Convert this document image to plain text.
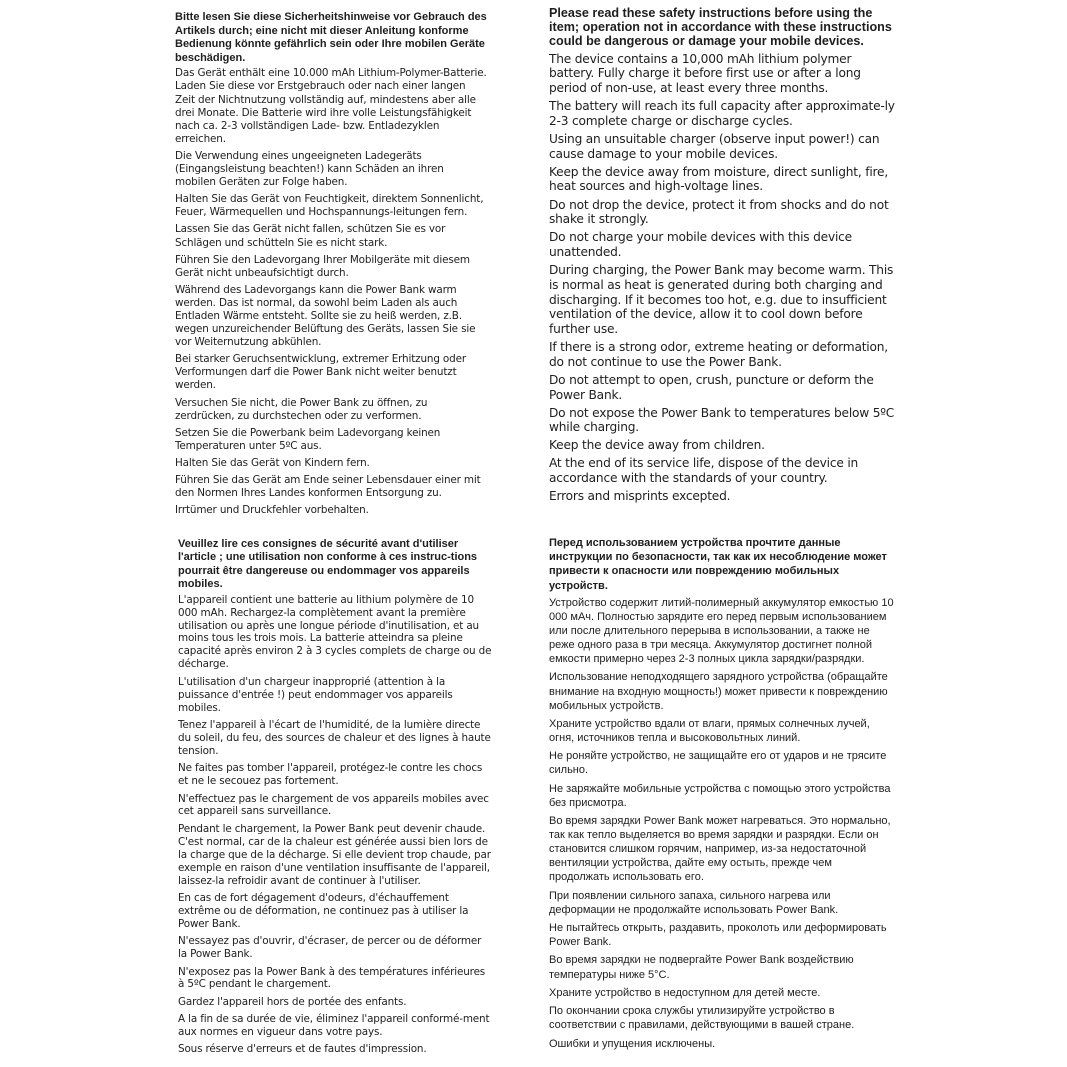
Bitte lesen Sie diese Sicherheitshinweise vor Gebrauch des Artikels durch; eine nicht mit dieser Anleitung konforme Bedienung könnte gefährlich sein oder Ihre mobilen Geräte beschädigen.

Das Gerät enthält eine 10.000 mAh Lithium-Polymer-Batterie. Laden Sie diese vor Erstgebrauch oder nach einer langen Zeit der Nichtnutzung vollständig auf, mindestens aber alle drei Monate. Die Batterie wird ihre volle Leistungsfähigkeit nach ca. 2-3 vollständigen Lade- bzw. Entladezyklen erreichen.

Die Verwendung eines ungeeigneten Ladegeräts (Eingangsleistung beachten!) kann Schäden an ihren mobilen Geräten zur Folge haben.

Halten Sie das Gerät von Feuchtigkeit, direktem Sonnenlicht, Feuer, Wärmequellen und Hochspannungs-leitungen fern.

Lassen Sie das Gerät nicht fallen, schützen Sie es vor Schlägen und schütteln Sie es nicht stark.

Führen Sie den Ladevorgang Ihrer Mobilgeräte mit diesem Gerät nicht unbeaufsichtigt durch.

Während des Ladevorgangs kann die Power Bank warm werden. Das ist normal, da sowohl beim Laden als auch Entladen Wärme entsteht. Sollte sie zu heiß werden, z.B. wegen unzureichender Belüftung des Geräts, lassen Sie sie vor Weiternutzung abkühlen.

Bei starker Geruchsentwicklung, extremer Erhitzung oder Verformungen darf die Power Bank nicht weiter benutzt werden.

Versuchen Sie nicht, die Power Bank zu öffnen, zu zerdrücken, zu durchstechen oder zu verformen.

Setzen Sie die Powerbank beim Ladevorgang keinen Temperaturen unter 5ºC aus.

Halten Sie das Gerät von Kindern fern.

Führen Sie das Gerät am Ende seiner Lebensdauer einer mit den Normen Ihres Landes konformen Entsorgung zu.

Irrtümer und Druckfehler vorbehalten.

Please read these safety instructions before using the item; operation not in accordance with these instructions could be dangerous or damage your mobile devices.

The device contains a 10,000 mAh lithium polymer battery. Fully charge it before first use or after a long period of non-use, at least every three months.

The battery will reach its full capacity after approximate-ly 2-3 complete charge or discharge cycles.

Using an unsuitable charger (observe input power!) can cause damage to your mobile devices.

Keep the device away from moisture, direct sunlight, fire, heat sources and high-voltage lines.

Do not drop the device, protect it from shocks and do not shake it strongly.

Do not charge your mobile devices with this device unattended.

During charging, the Power Bank may become warm. This is normal as heat is generated during both charging and discharging. If it becomes too hot, e.g. due to insufficient ventilation of the device, allow it to cool down before further use.

If there is a strong odor, extreme heating or deformation, do not continue to use the Power Bank.

Do not attempt to open, crush, puncture or deform the Power Bank.

Do not expose the Power Bank to temperatures below 5ºC while charging.

Keep the device away from children.

At the end of its service life, dispose of the device in accordance with the standards of your country.

Errors and misprints excepted.

Veuillez lire ces consignes de sécurité avant d'utiliser l'article ; une utilisation non conforme à ces instruc-tions pourrait être dangereuse ou endommager vos appareils mobiles.

L'appareil contient une batterie au lithium polymère de 10 000 mAh. Rechargez-la complètement avant la première utilisation ou après une longue période d'inutilisation, et au moins tous les trois mois. La batterie atteindra sa pleine capacité après environ 2 à 3 cycles complets de charge ou de décharge.

L'utilisation d'un chargeur inapproprié (attention à la puissance d'entrée !) peut endommager vos appareils mobiles.

Tenez l'appareil à l'écart de l'humidité, de la lumière directe du soleil, du feu, des sources de chaleur et des lignes à haute tension.

Ne faites pas tomber l'appareil, protégez-le contre les chocs et ne le secouez pas fortement.

N'effectuez pas le chargement de vos appareils mobiles avec cet appareil sans surveillance.

Pendant le chargement, la Power Bank peut devenir chaude. C'est normal, car de la chaleur est générée aussi bien lors de la charge que de la décharge. Si elle devient trop chaude, par exemple en raison d'une ventilation insuffisante de l'appareil, laissez-la refroidir avant de continuer à l'utiliser.

En cas de fort dégagement d'odeurs, d'échauffement extrême ou de déformation, ne continuez pas à utiliser la Power Bank.

N'essayez pas d'ouvrir, d'écraser, de percer ou de déformer la Power Bank.

N'exposez pas la Power Bank à des températures inférieures à 5ºC pendant le chargement.

Gardez l'appareil hors de portée des enfants.

A la fin de sa durée de vie, éliminez l'appareil conformé-ment aux normes en vigueur dans votre pays.

Sous réserve d'erreurs et de fautes d'impression.

Перед использованием устройства прочтите данные инструкции по безопасности, так как их несоблюдение может привести к опасности или повреждению мобильных устройств.

Устройство содержит литий-полимерный аккумулятор емкостью 10 000 мАч. Полностью зарядите его перед первым использованием или после длительного перерыва в использовании, а также не реже одного раза в три месяца. Аккумулятор достигнет полной емкости примерно через 2-3 полных цикла зарядки/разрядки.

Использование неподходящего зарядного устройства (обращайте внимание на входную мощность!) может привести к повреждению мобильных устройств.

Храните устройство вдали от влаги, прямых солнечных лучей, огня, источников тепла и высоковольтных линий.

Не роняйте устройство, не защищайте его от ударов и не трясите сильно.

Не заряжайте мобильные устройства с помощью этого устройства без присмотра.

Во время зарядки Power Bank может нагреваться. Это нормально, так как тепло выделяется во время зарядки и разрядки. Если он становится слишком горячим, например, из-за недостаточной вентиляции устройства, дайте ему остыть, прежде чем продолжать использовать его.

При появлении сильного запаха, сильного нагрева или деформации не продолжайте использовать Power Bank.

Не пытайтесь открыть, раздавить, проколоть или деформировать Power Bank.

Во время зарядки не подвергайте Power Bank воздействию температуры ниже 5°C.

Храните устройство в недоступном для детей месте.

По окончании срока службы утилизируйте устройство в соответствии с правилами, действующими в вашей стране.

Ошибки и упущения исключены.
